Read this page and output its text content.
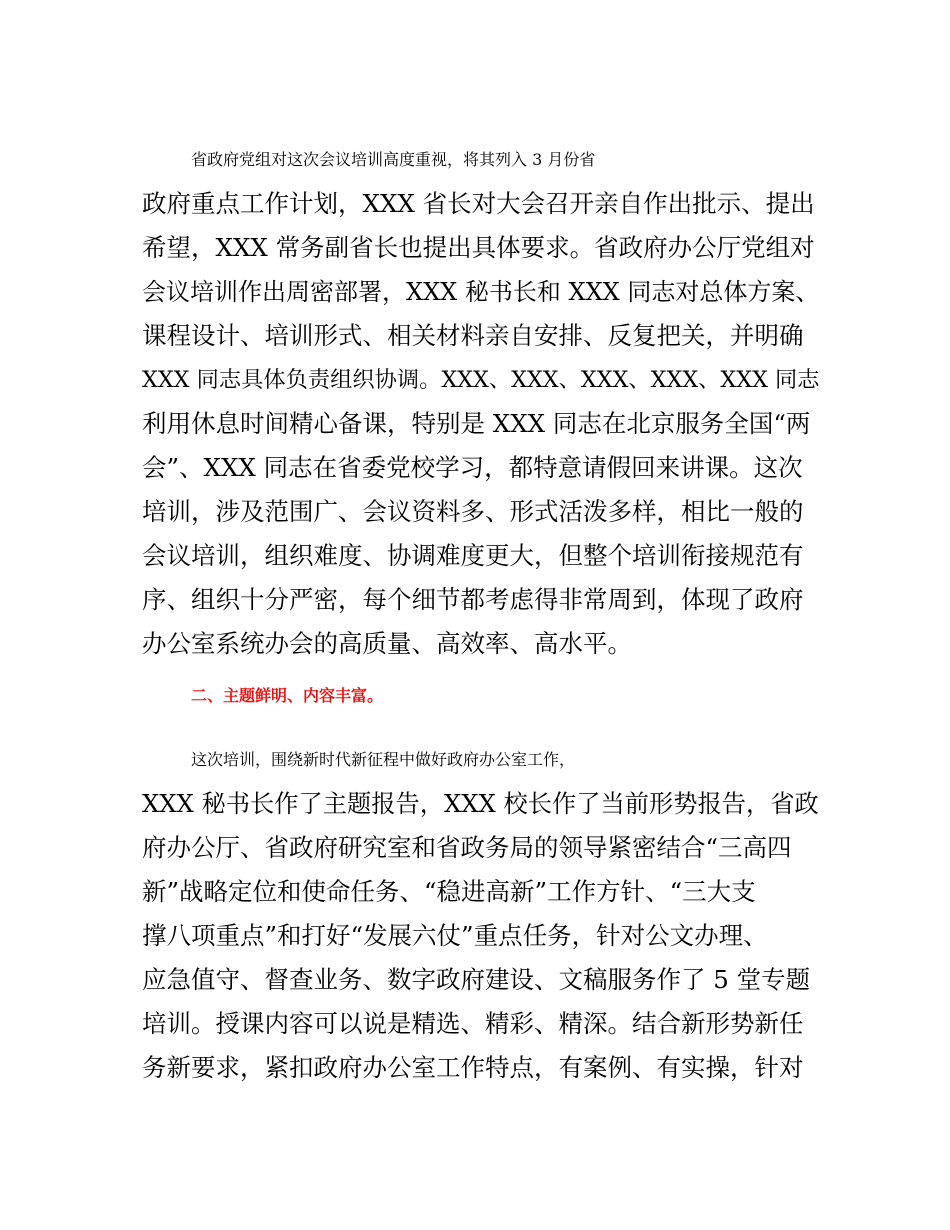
省政府党组对这次会议培训高度重视，将其列入 3 月份省
政府重点工作计划，XXX 省长对大会召开亲自作出批示、提出
希望，XXX 常务副省长也提出具体要求。省政府办公厅党组对
会议培训作出周密部署，XXX 秘书长和 XXX 同志对总体方案、
课程设计、培训形式、相关材料亲自安排、反复把关，并明确
XXX 同志具体负责组织协调。XXX、XXX、XXX、XXX、XXX 同志
利用休息时间精心备课，特别是 XXX 同志在北京服务全国“两
会”、XXX 同志在省委党校学习，都特意请假回来讲课。这次
培训，涉及范围广、会议资料多、形式活泼多样，相比一般的
会议培训，组织难度、协调难度更大，但整个培训衔接规范有
序、组织十分严密，每个细节都考虑得非常周到，体现了政府
办公室系统办会的高质量、高效率、高水平。
二、主题鲜明、内容丰富。
这次培训，围绕新时代新征程中做好政府办公室工作，
XXX 秘书长作了主题报告，XXX 校长作了当前形势报告，省政
府办公厅、省政府研究室和省政务局的领导紧密结合“三高四
新”战略定位和使命任务、“稳进高新”工作方针、“三大支
撑八项重点”和打好“发展六仗”重点任务，针对公文办理、
应急值守、督查业务、数字政府建设、文稿服务作了 5 堂专题
培训。授课内容可以说是精选、精彩、精深。结合新形势新任
务新要求，紧扣政府办公室工作特点，有案例、有实操，针对
